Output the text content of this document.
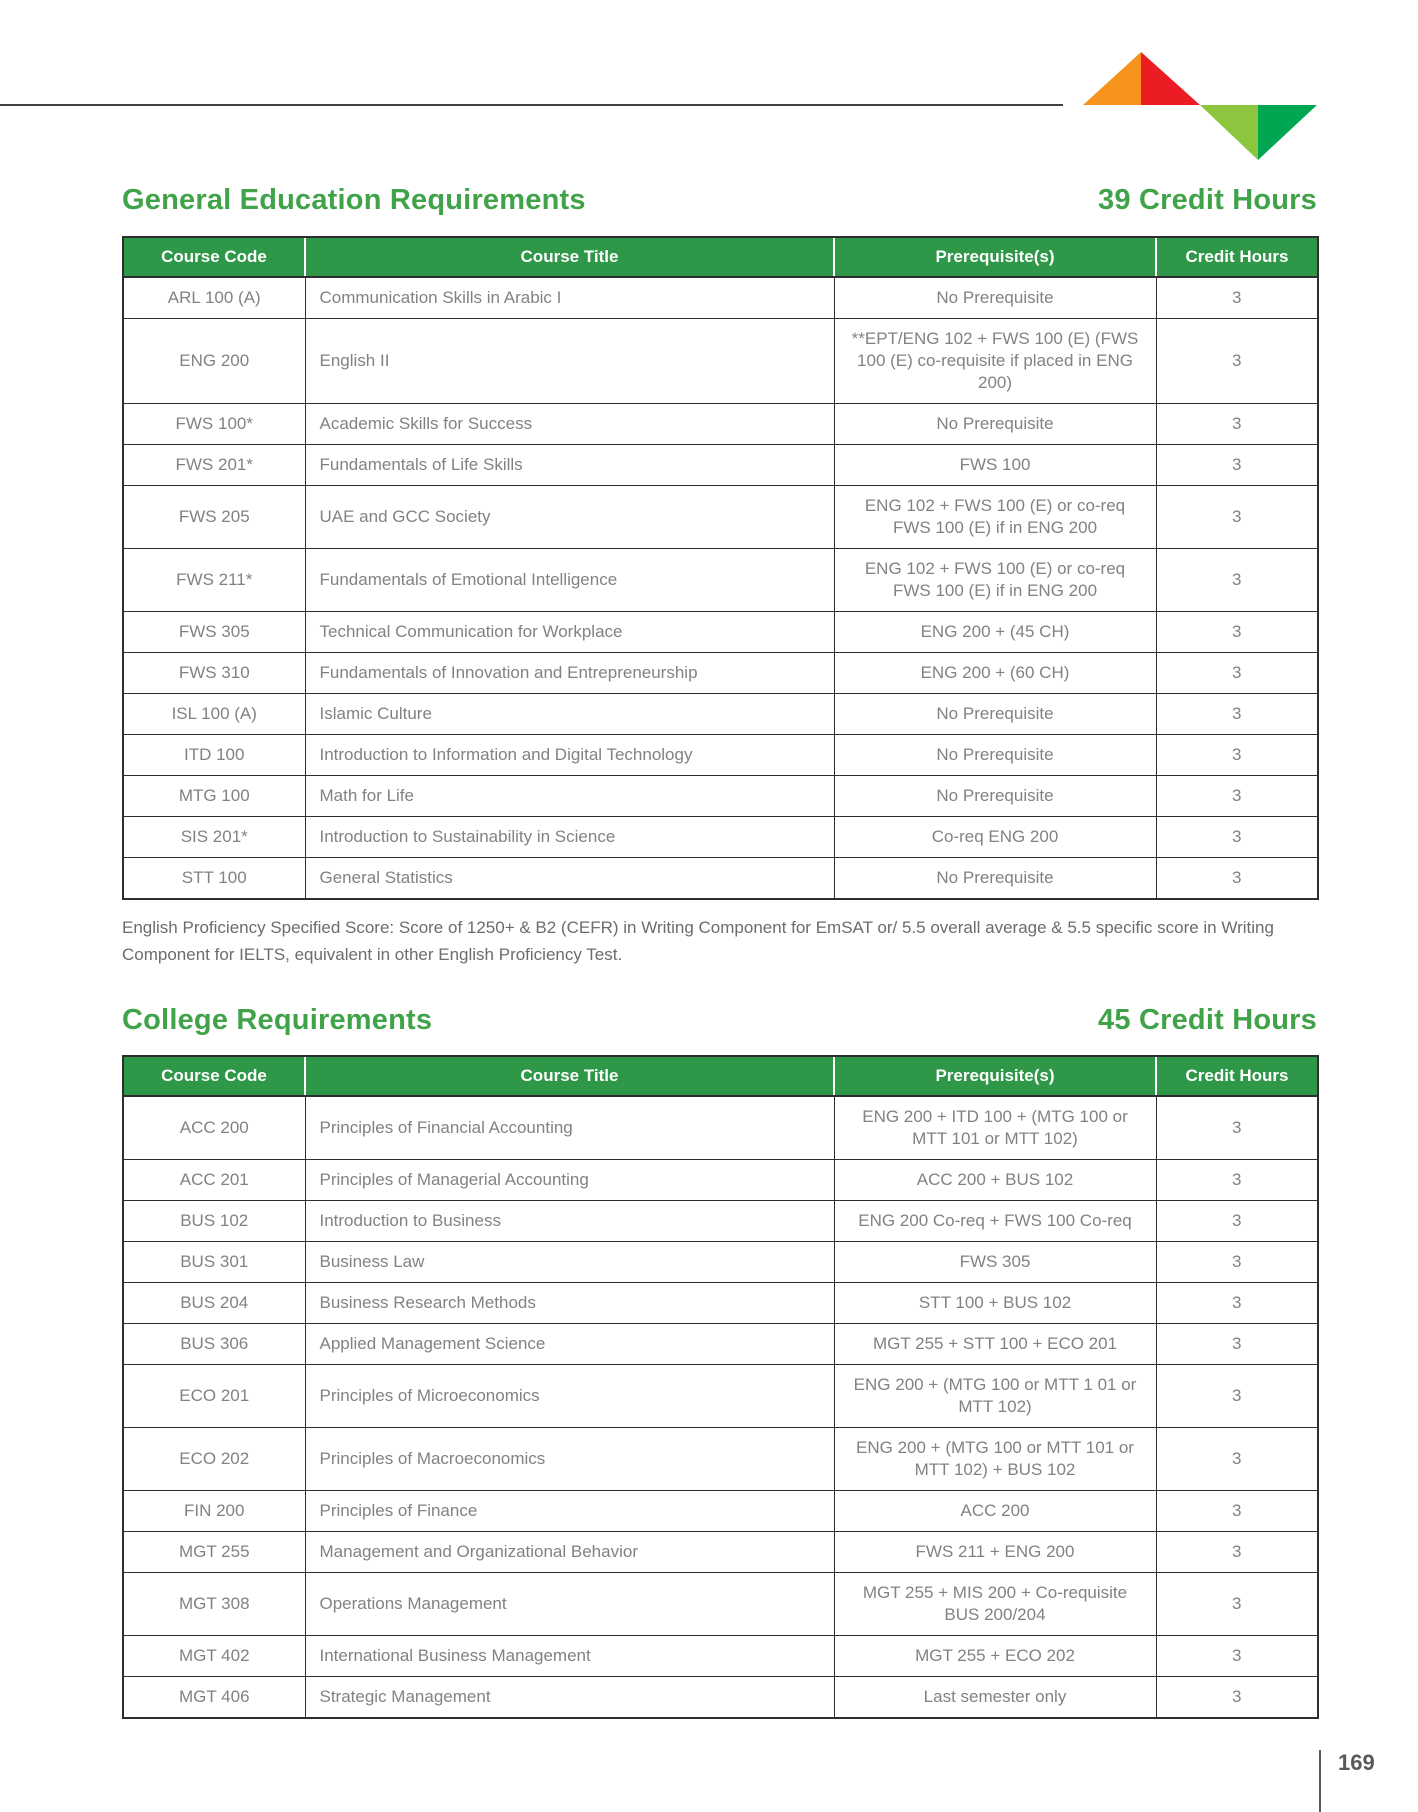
General Education Requirements	39 Credit Hours
Course Code	Course Title	Prerequisite(s)	Credit Hours
ARL 100 (A)	Communication Skills in Arabic I	No Prerequisite	3
ENG 200	English II	**EPT/ENG 102 + FWS 100 (E) (FWS 100 (E) co-requisite if placed in ENG 200)	3
FWS 100*	Academic Skills for Success	No Prerequisite	3
FWS 201*	Fundamentals of Life Skills	FWS 100	3
FWS 205	UAE and GCC Society	ENG 102 + FWS 100 (E) or co-req FWS 100 (E) if in ENG 200	3
FWS 211*	Fundamentals of Emotional Intelligence	ENG 102 + FWS 100 (E) or co-req FWS 100 (E) if in ENG 200	3
FWS 305	Technical Communication for Workplace	ENG 200 + (45 CH)	3
FWS 310	Fundamentals of Innovation and Entrepreneurship	ENG 200 + (60 CH)	3
ISL 100 (A)	Islamic Culture	No Prerequisite	3
ITD 100	Introduction to Information and Digital Technology	No Prerequisite	3
MTG 100	Math for Life	No Prerequisite	3
SIS 201*	Introduction to Sustainability in Science	Co-req ENG 200	3
STT 100	General Statistics	No Prerequisite	3

English Proficiency Specified Score: Score of 1250+ & B2 (CEFR) in Writing Component for EmSAT or/ 5.5 overall average & 5.5 specific score in Writing Component for IELTS, equivalent in other English Proficiency Test.

College Requirements	45 Credit Hours
Course Code	Course Title	Prerequisite(s)	Credit Hours
ACC 200	Principles of Financial Accounting	ENG 200 + ITD 100 + (MTG 100 or MTT 101 or MTT 102)	3
ACC 201	Principles of Managerial Accounting	ACC 200 + BUS 102	3
BUS 102	Introduction to Business	ENG 200 Co-req + FWS 100 Co-req	3
BUS 301	Business Law	FWS 305	3
BUS 204	Business Research Methods	STT 100 + BUS 102	3
BUS 306	Applied Management Science	MGT 255 + STT 100 + ECO 201	3
ECO 201	Principles of Microeconomics	ENG 200 + (MTG 100 or MTT 1 01 or MTT 102)	3
ECO 202	Principles of Macroeconomics	ENG 200 + (MTG 100 or MTT 101 or MTT 102) + BUS 102	3
FIN 200	Principles of Finance	ACC 200	3
MGT 255	Management and Organizational Behavior	FWS 211 + ENG 200	3
MGT 308	Operations Management	MGT 255 + MIS 200 + Co-requisite BUS 200/204	3
MGT 402	International Business Management	MGT 255 + ECO 202	3
MGT 406	Strategic Management	Last semester only	3
169
